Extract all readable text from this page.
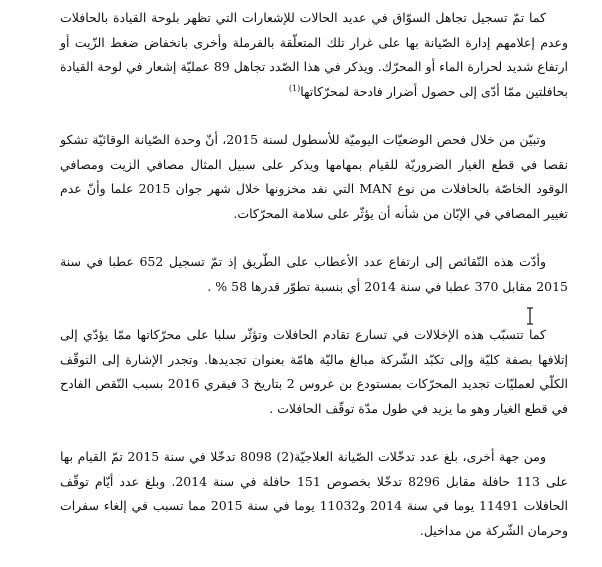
كما تمّ تسجيل تجاهل السوّاق في عديد الحالات للإشعارات التي تظهر بلوحة القيادة بالحافلات وعدم إعلامهم إدارة الصّيانة بها على غرار تلك المتعلّقة بالفرملة وأخرى بانخفاض ضغط الزّيت أو ارتفاع شديد لحرارة الماء أو المحرّك. ويذكر في هذا الصّدد تجاهل 89 عمليّة إشعار في لوحة القيادة بحافلتين ممّا أدّى إلى حصول أضرار فادحة لمحرّكاتها$^{(1)}$

وتبيّن من خلال فحص الوضعيّات اليوميّة للأسطول لسنة 2015، أنّ وحدة الصّيانة الوقائيّة تشكو نقصا في قطع الغيار الضروريّة للقيام بمهامها ويذكر على سبيل المثال مصافي الزيت ومصافي الوقود الخاصّة بالحافلات من نوع MAN التي نفد مخزونها خلال شهر جوان 2015 علما وأنّ عدم تغيير المصافي في الإبّان من شأنه أن يؤثّر على سلامة المحرّكات.

وأدّت هذه النّقائص إلى ارتفاع عدد الأعطاب على الطّريق إذ تمّ تسجيل 652 عطبا في سنة 2015 مقابل 370 عطبا في سنة 2014 أي بنسبة تطوّر قدرها 58 % .

كما تتسبّب هذه الإخلالات في تسارع تقادم الحافلات وتؤثّر سلبا على محرّكاتها ممّا يؤدّي إلى إتلافها بصفة كليّة وإلى تكبّد الشّركة مبالغ ماليّة هامّة بعنوان تجديدها. وتجدر الإشارة إلى التوقّف الكلّي لعمليّات تجديد المحرّكات بمستودع بن عروس 2 بتاريخ 3 فيفري 2016 بسبب النّقص الفادح في قطع الغيار وهو ما يزيد في طول مدّة توقّف الحافلات .

ومن جهة أخرى، بلغ عدد تدخّلات الصّيانة العلاجيّة(2) 8098 تدخّلا في سنة 2015 تمّ القيام بها على 113 حافلة مقابل 8296 تدخّلا بخصوص 151 حافلة في سنة 2014. وبلغ عدد أيّام توقّف الحافلات 11491 يوما في سنة 2014 و11032 يوما في سنة 2015 مما تسبب في إلغاء سفرات وحرمان الشّركة من مداخيل.
